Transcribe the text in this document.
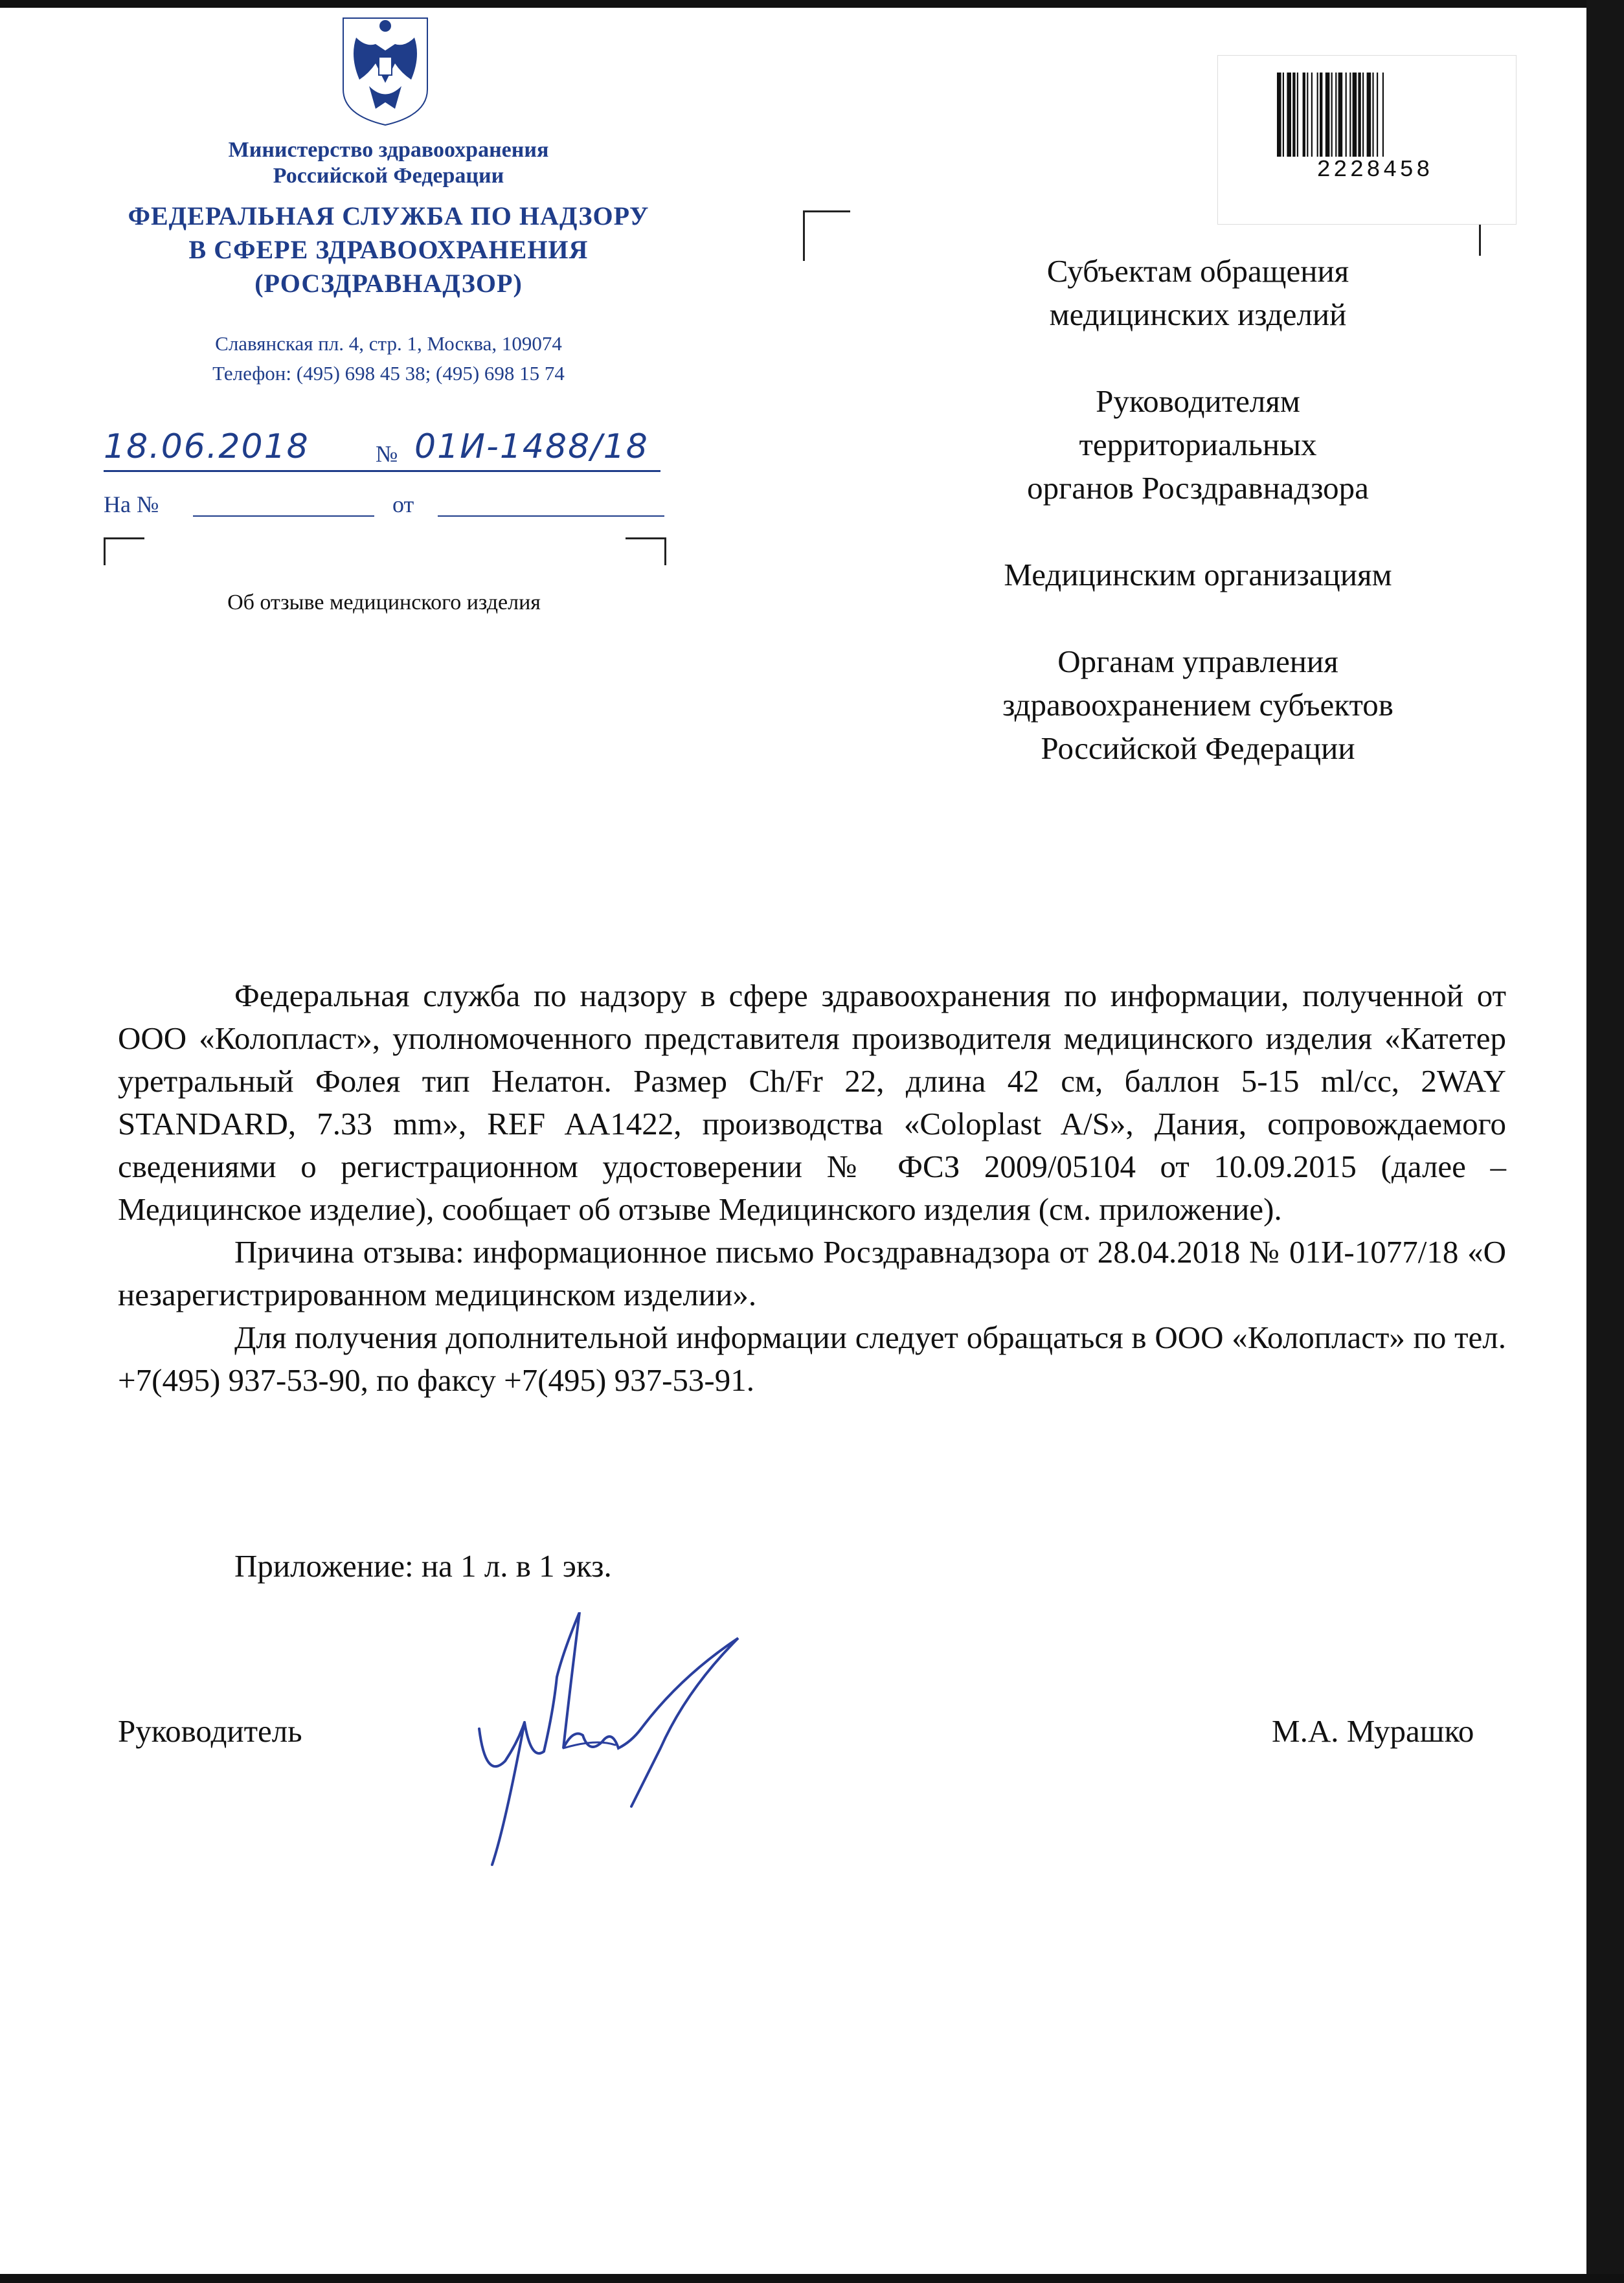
Министерство здравоохранения
Российской Федерации
ФЕДЕРАЛЬНАЯ СЛУЖБА ПО НАДЗОРУ
В СФЕРЕ ЗДРАВООХРАНЕНИЯ
(РОСЗДРАВНАДЗОР)
Славянская пл. 4, стр. 1, Москва, 109074
Телефон: (495) 698 45 38; (495) 698 15 74
18.06.2018	№ 01И-1488/18
На №	от
Об отзыве медицинского изделия
2228458
Субъектам обращения
медицинских изделий
Руководителям
территориальных
органов Росздравнадзора
Медицинским организациям
Органам управления
здравоохранением субъектов
Российской Федерации

Федеральная служба по надзору в сфере здравоохранения по информации, полученной от ООО «Колопласт», уполномоченного представителя производителя медицинского изделия «Катетер уретральный Фолея тип Нелатон. Размер Ch/Fr 22, длина 42 см, баллон 5-15 ml/cc, 2WAY STANDARD, 7.33 mm», REF AA1422, производства «Coloplast A/S», Дания, сопровождаемого сведениями о регистрационном удостоверении № ФСЗ 2009/05104 от 10.09.2015 (далее – Медицинское изделие), сообщает об отзыве Медицинского изделия (см. приложение).

Причина отзыва: информационное письмо Росздравнадзора от 28.04.2018 № 01И-1077/18 «О незарегистрированном медицинском изделии».

Для получения дополнительной информации следует обращаться в ООО «Колопласт» по тел. +7(495) 937-53-90, по факсу +7(495) 937-53-91.

Приложение: на 1 л. в 1 экз.
Руководитель	М.А. Мурашко
